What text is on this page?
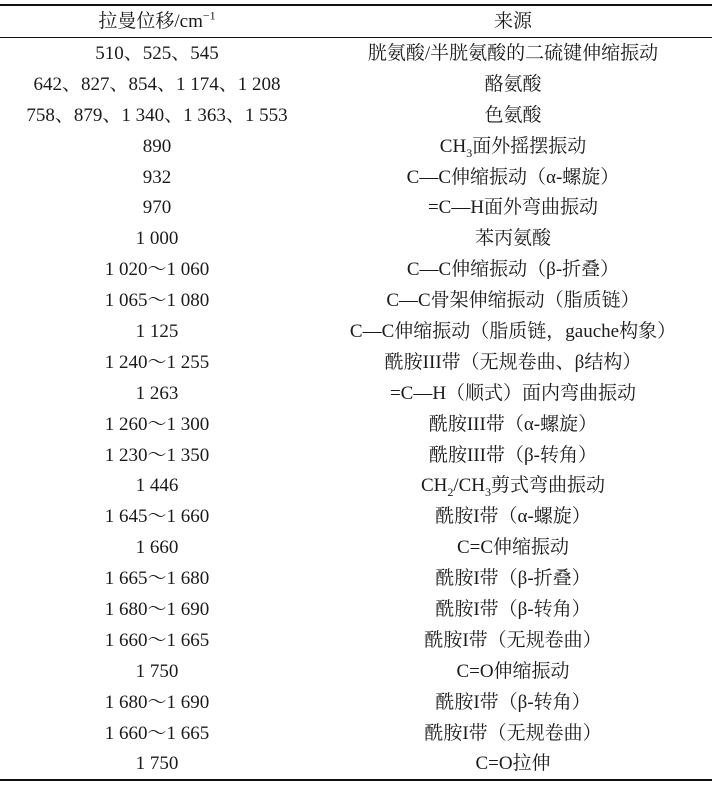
拉曼位移$/cm^{-1}$	来源
510、525、545	胱氨酸/半胱氨酸的二硫键伸缩振动
642、827、854、1 174、1 208	酪氨酸
758、879、1 340、1 363、1 553	色氨酸
890	$CH_3$面外摇摆振动
932	C—C伸缩振动（α-螺旋）
970	=C—H面外弯曲振动
1 000	苯丙氨酸
1 020～1 060	C—C伸缩振动（β-折叠）
1 065～1 080	C—C骨架伸缩振动（脂质链）
1 125	C—C伸缩振动（脂质链，gauche构象）
1 240～1 255	酰胺III带（无规卷曲、β结构）
1 263	=C—H（顺式）面内弯曲振动
1 260～1 300	酰胺III带（α-螺旋）
1 230～1 350	酰胺III带（β-转角）
1 446	$CH_2/CH_3$剪式弯曲振动
1 645～1 660	酰胺I带（α-螺旋）
1 660	C=C伸缩振动
1 665～1 680	酰胺I带（β-折叠）
1 680～1 690	酰胺I带（β-转角）
1 660～1 665	酰胺I带（无规卷曲）
1 750	C=O伸缩振动
1 680～1 690	酰胺I带（β-转角）
1 660～1 665	酰胺I带（无规卷曲）
1 750	C=O拉伸
